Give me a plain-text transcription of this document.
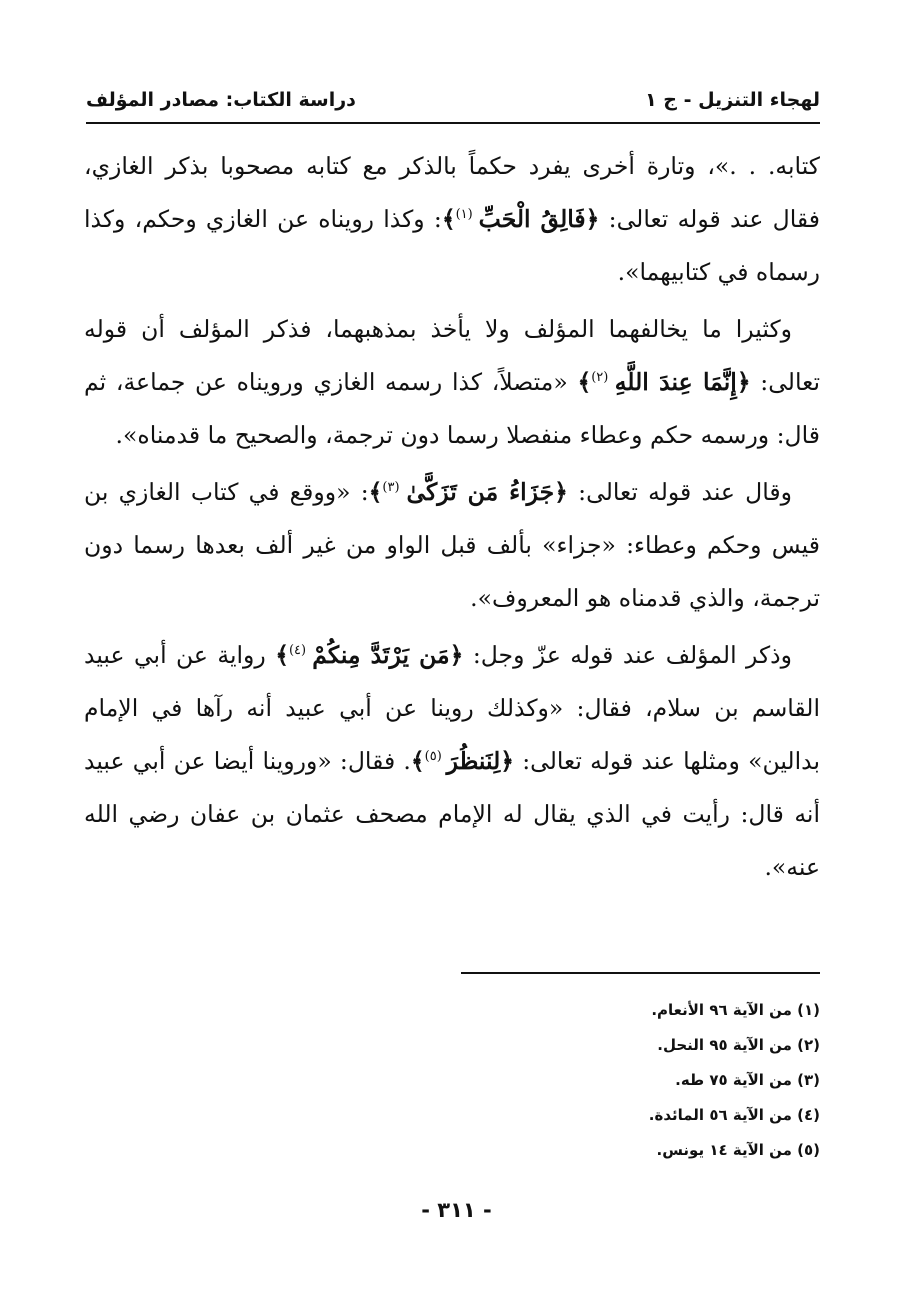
لهجاء التنزيل - ج ١
دراسة الكتاب: مصادر المؤلف

كتابه. . .»، وتارة أخرى يفرد حكماً بالذكر مع كتابه مصحوبا بذكر الغازي، فقال عند قوله تعالى: ﴿فَالِقُ الْحَبِّ $^{(١)}$﴾: وكذا رويناه عن الغازي وحكم، وكذا رسماه في كتابيهما».

وكثيرا ما يخالفهما المؤلف ولا يأخذ بمذهبهما، فذكر المؤلف أن قوله تعالى: ﴿إِنَّمَا عِندَ اللَّهِ $^{(٢)}$﴾ «متصلاً، كذا رسمه الغازي ورويناه عن جماعة، ثم قال: ورسمه حكم وعطاء منفصلا رسما دون ترجمة، والصحيح ما قدمناه».

وقال عند قوله تعالى: ﴿جَزَاءُ مَن تَزَكَّىٰ $^{(٣)}$﴾: «ووقع في كتاب الغازي بن قيس وحكم وعطاء: «جزاء» بألف قبل الواو من غير ألف بعدها رسما دون ترجمة، والذي قدمناه هو المعروف».

وذكر المؤلف عند قوله عزّ وجل: ﴿مَن يَرْتَدَّ مِنكُمْ $^{(٤)}$﴾ رواية عن أبي عبيد القاسم بن سلام، فقال: «وكذلك روينا عن أبي عبيد أنه رآها في الإمام بدالين» ومثلها عند قوله تعالى: ﴿لِنَنظُرَ $^{(٥)}$﴾. فقال: «وروينا أيضا عن أبي عبيد أنه قال: رأيت في الذي يقال له الإمام مصحف عثمان بن عفان رضي الله عنه».

(١) من الآية ٩٦ الأنعام.
(٢) من الآية ٩٥ النحل.
(٣) من الآية ٧٥ طه.
(٤) من الآية ٥٦ المائدة.
(٥) من الآية ١٤ يونس.
- ٣١١ -
